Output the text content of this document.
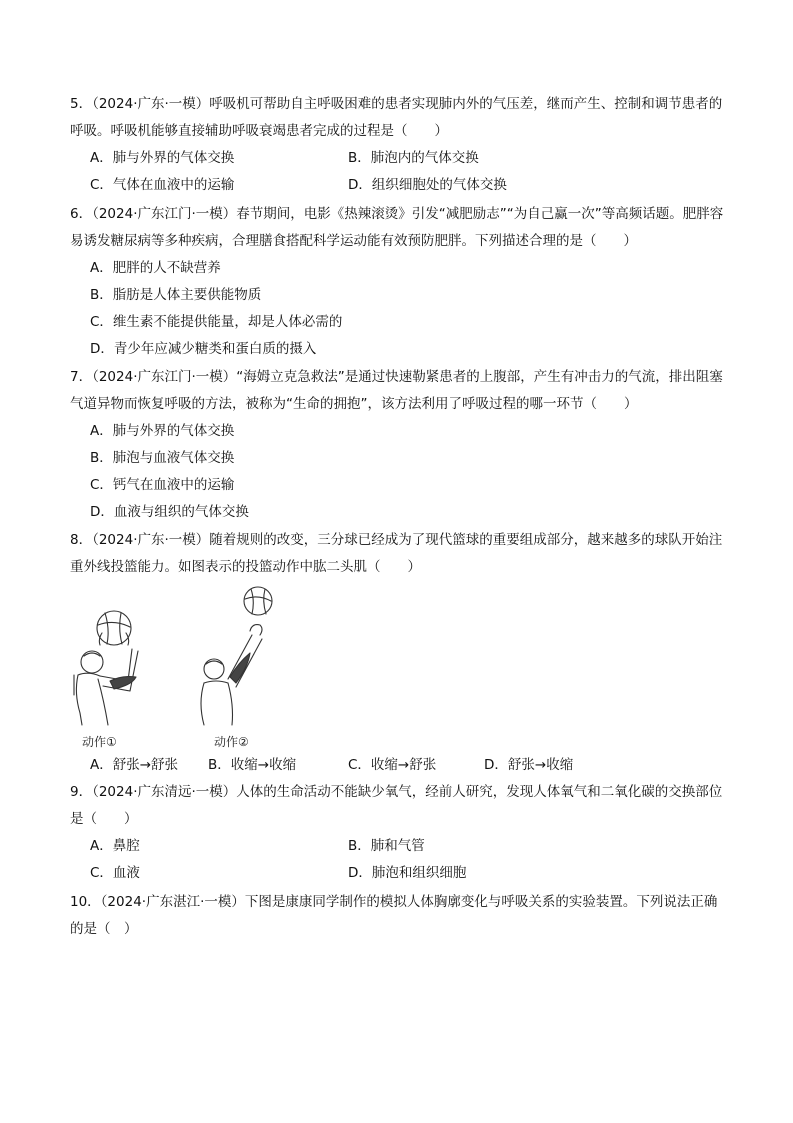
5．（2024·广东·一模）呼吸机可帮助自主呼吸困难的患者实现肺内外的气压差，继而产生、控制和调节患者的呼吸。呼吸机能够直接辅助呼吸衰竭患者完成的过程是（　　）

A．肺与外界的气体交换	B．肺泡内的气体交换
C．气体在血液中的运输	D．组织细胞处的气体交换

6．（2024·广东江门·一模）春节期间，电影《热辣滚烫》引发“减肥励志”“为自己赢一次”等高频话题。肥胖容易诱发糖尿病等多种疾病，合理膳食搭配科学运动能有效预防肥胖。下列描述合理的是（　　）

A．肥胖的人不缺营养
B．脂肪是人体主要供能物质
C．维生素不能提供能量，却是人体必需的
D．青少年应减少糖类和蛋白质的摄入

7．（2024·广东江门·一模）“海姆立克急救法”是通过快速勒紧患者的上腹部，产生有冲击力的气流，排出阻塞气道异物而恢复呼吸的方法，被称为“生命的拥抱”，该方法利用了呼吸过程的哪一环节（　　）

A．肺与外界的气体交换
B．肺泡与血液气体交换
C．钙气在血液中的运输
D．血液与组织的气体交换

8．（2024·广东·一模）随着规则的改变，三分球已经成为了现代篮球的重要组成部分，越来越多的球队开始注重外线投篮能力。如图表示的投篮动作中肱二头肌（　　）

动作①	动作②
A．舒张→舒张	B．收缩→收缩	C．收缩→舒张	D．舒张→收缩

9．（2024·广东清远·一模）人体的生命活动不能缺少氧气，经前人研究，发现人体氧气和二氧化碳的交换部位是（　　）

A．鼻腔	B．肺和气管
C．血液	D．肺泡和组织细胞

10．（2024·广东湛江·一模）下图是康康同学制作的模拟人体胸廓变化与呼吸关系的实验装置。下列说法正确的是（　）
